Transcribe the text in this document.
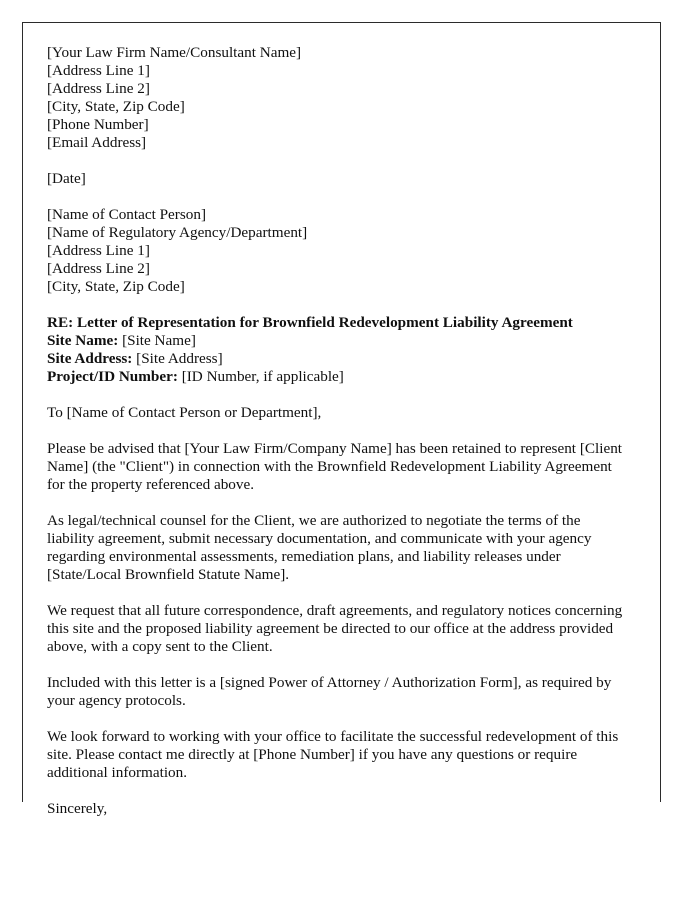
[Your Law Firm Name/Consultant Name]
[Address Line 1]
[Address Line 2]
[City, State, Zip Code]
[Phone Number]
[Email Address]
[Date]
[Name of Contact Person]
[Name of Regulatory Agency/Department]
[Address Line 1]
[Address Line 2]
[City, State, Zip Code]
RE: Letter of Representation for Brownfield Redevelopment Liability Agreement
Site Name: [Site Name]
Site Address: [Site Address]
Project/ID Number: [ID Number, if applicable]
To [Name of Contact Person or Department],
Please be advised that [Your Law Firm/Company Name] has been retained to represent [Client Name] (the "Client") in connection with the Brownfield Redevelopment Liability Agreement for the property referenced above.
As legal/technical counsel for the Client, we are authorized to negotiate the terms of the liability agreement, submit necessary documentation, and communicate with your agency regarding environmental assessments, remediation plans, and liability releases under [State/Local Brownfield Statute Name].
We request that all future correspondence, draft agreements, and regulatory notices concerning this site and the proposed liability agreement be directed to our office at the address provided above, with a copy sent to the Client.
Included with this letter is a [signed Power of Attorney / Authorization Form], as required by your agency protocols.
We look forward to working with your office to facilitate the successful redevelopment of this site. Please contact me directly at [Phone Number] if you have any questions or require additional information.
Sincerely,
